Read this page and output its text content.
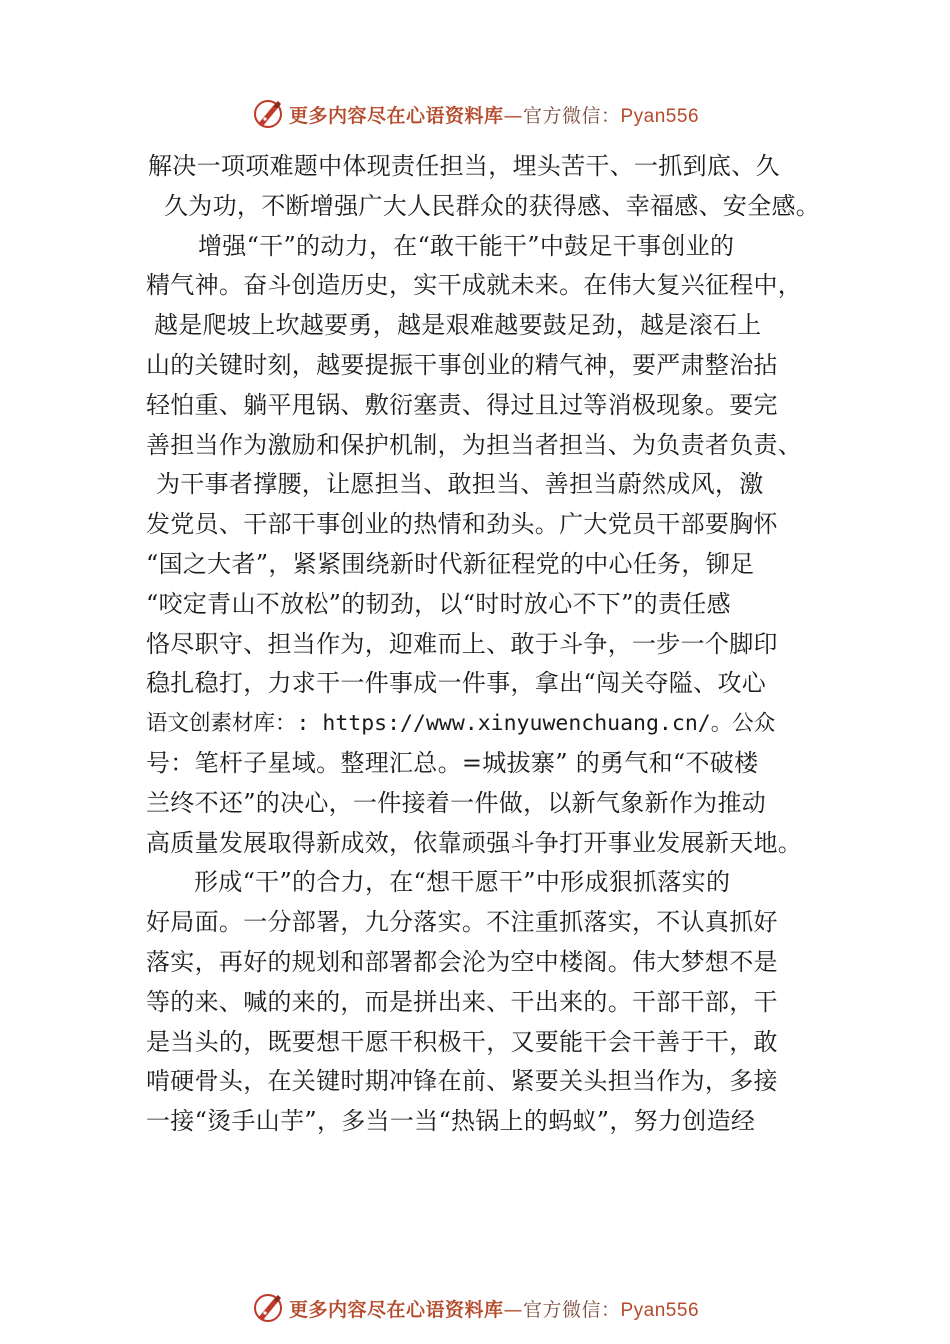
更多内容尽在心语资料库—官方微信：Pyan556
解决一项项难题中体现责任担当，埋头苦干、一抓到底、久
久为功，不断增强广大人民群众的获得感、幸福感、安全感。
增强“干”的动力，在“敢干能干”中鼓足干事创业的
精气神。奋斗创造历史，实干成就未来。在伟大复兴征程中，
越是爬坡上坎越要勇，越是艰难越要鼓足劲，越是滚石上
山的关键时刻，越要提振干事创业的精气神，要严肃整治拈
轻怕重、躺平甩锅、敷衍塞责、得过且过等消极现象。要完
善担当作为激励和保护机制，为担当者担当、为负责者负责、
为干事者撑腰，让愿担当、敢担当、善担当蔚然成风，激
发党员、干部干事创业的热情和劲头。广大党员干部要胸怀
“国之大者”，紧紧围绕新时代新征程党的中心任务，铆足
“咬定青山不放松”的韧劲，以“时时放心不下”的责任感
恪尽职守、担当作为，迎难而上、敢于斗争，一步一个脚印
稳扎稳打，力求干一件事成一件事，拿出“闯关夺隘、攻心
语文创素材库：: https://www.xinyuwenchuang.cn/。公众
号：笔杆子星域。整理汇总。=城拔寨” 的勇气和“不破楼
兰终不还”的决心，一件接着一件做，以新气象新作为推动
高质量发展取得新成效，依靠顽强斗争打开事业发展新天地。
形成“干”的合力，在“想干愿干”中形成狠抓落实的
好局面。一分部署，九分落实。不注重抓落实，不认真抓好
落实，再好的规划和部署都会沦为空中楼阁。伟大梦想不是
等的来、喊的来的，而是拼出来、干出来的。干部干部，干
是当头的，既要想干愿干积极干，又要能干会干善于干，敢
啃硬骨头，在关键时期冲锋在前、紧要关头担当作为，多接
一接“烫手山芋”，多当一当“热锅上的蚂蚁”，努力创造经
更多内容尽在心语资料库—官方微信：Pyan556
